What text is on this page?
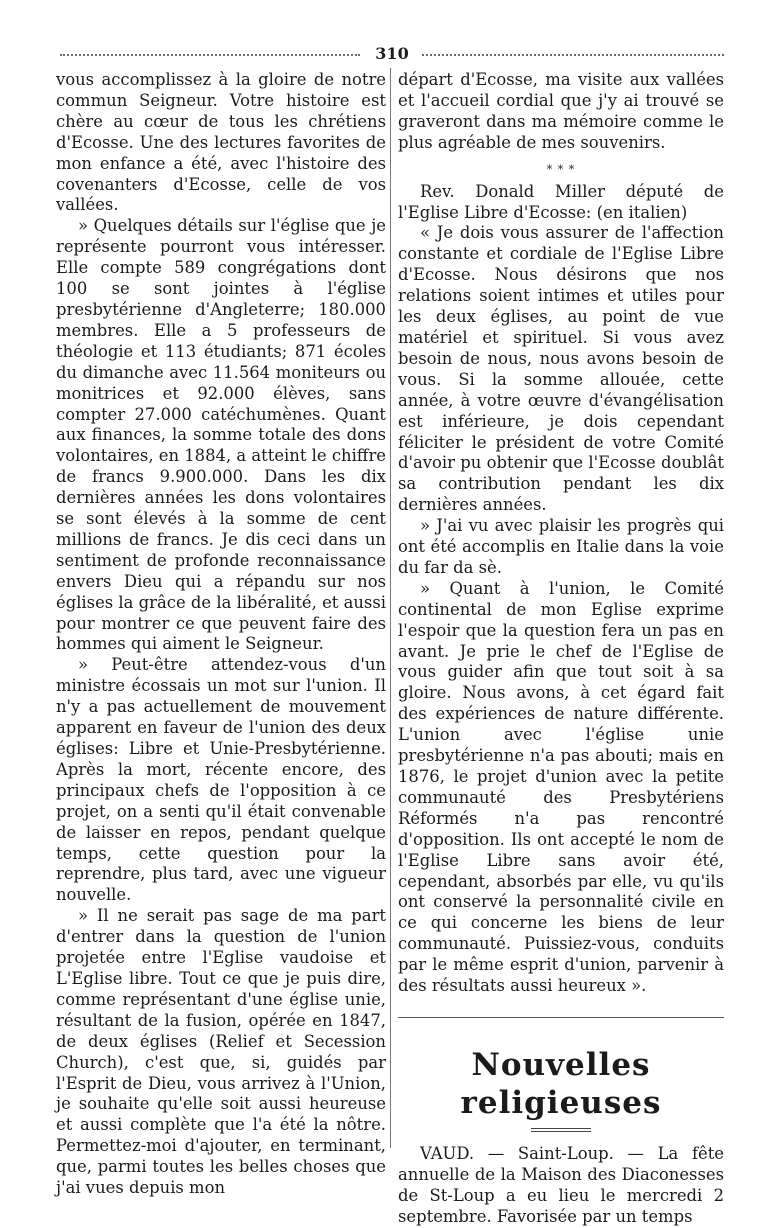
310

vous accomplissez à la gloire de notre commun Seigneur. Votre histoire est chère au cœur de tous les chrétiens d'Ecosse. Une des lectures favorites de mon enfance a été, avec l'histoire des covenanters d'Ecosse, celle de vos vallées.

» Quelques détails sur l'église que je représente pourront vous intéresser. Elle compte 589 congrégations dont 100 se sont jointes à l'église presbytérienne d'Angleterre; 180.000 membres. Elle a 5 professeurs de théologie et 113 étudiants; 871 écoles du dimanche avec 11.564 moniteurs ou monitrices et 92.000 élèves, sans compter 27.000 catéchumènes. Quant aux finances, la somme totale des dons volontaires, en 1884, a atteint le chiffre de francs 9.900.000. Dans les dix dernières années les dons volontaires se sont élevés à la somme de cent millions de francs. Je dis ceci dans un sentiment de profonde reconnaissance envers Dieu qui a répandu sur nos églises la grâce de la libéralité, et aussi pour montrer ce que peuvent faire des hommes qui aiment le Seigneur.

» Peut-être attendez-vous d'un ministre écossais un mot sur l'union. Il n'y a pas actuellement de mouvement apparent en faveur de l'union des deux églises: Libre et Unie-Presbytérienne. Après la mort, récente encore, des principaux chefs de l'opposition à ce projet, on a senti qu'il était convenable de laisser en repos, pendant quelque temps, cette question pour la reprendre, plus tard, avec une vigueur nouvelle.

» Il ne serait pas sage de ma part d'entrer dans la question de l'union projetée entre l'Eglise vaudoise et L'Eglise libre. Tout ce que je puis dire, comme représentant d'une église unie, résultant de la fusion, opérée en 1847, de deux églises (Relief et Secession Church), c'est que, si, guidés par l'Esprit de Dieu, vous arrivez à l'Union, je souhaite qu'elle soit aussi heureuse et aussi complète que l'a été la nôtre. Permettez-moi d'ajouter, en terminant, que, parmi toutes les belles choses que j'ai vues depuis mon

départ d'Ecosse, ma visite aux vallées et l'accueil cordial que j'y ai trouvé se graveront dans ma mémoire comme le plus agréable de mes souvenirs.

* * *

Rev. Donald Miller député de l'Eglise Libre d'Ecosse: (en italien)

« Je dois vous assurer de l'affection constante et cordiale de l'Eglise Libre d'Ecosse. Nous désirons que nos relations soient intimes et utiles pour les deux églises, au point de vue matériel et spirituel. Si vous avez besoin de nous, nous avons besoin de vous. Si la somme allouée, cette année, à votre œuvre d'évangélisation est inférieure, je dois cependant féliciter le président de votre Comité d'avoir pu obtenir que l'Ecosse doublât sa contribution pendant les dix dernières années.

» J'ai vu avec plaisir les progrès qui ont été accomplis en Italie dans la voie du far da sè.

» Quant à l'union, le Comité continental de mon Eglise exprime l'espoir que la question fera un pas en avant. Je prie le chef de l'Eglise de vous guider afin que tout soit à sa gloire. Nous avons, à cet égard fait des expériences de nature différente. L'union avec l'église unie presbytérienne n'a pas abouti; mais en 1876, le projet d'union avec la petite communauté des Presbytériens Réformés n'a pas rencontré d'opposition. Ils ont accepté le nom de l'Eglise Libre sans avoir été, cependant, absorbés par elle, vu qu'ils ont conservé la personnalité civile en ce qui concerne les biens de leur communauté. Puissiez-vous, conduits par le même esprit d'union, parvenir à des résultats aussi heureux ».

Nouvelles religieuses

VAUD. — Saint-Loup. — La fête annuelle de la Maison des Diaconesses de St-Loup a eu lieu le mercredi 2 septembre. Favorisée par un temps
